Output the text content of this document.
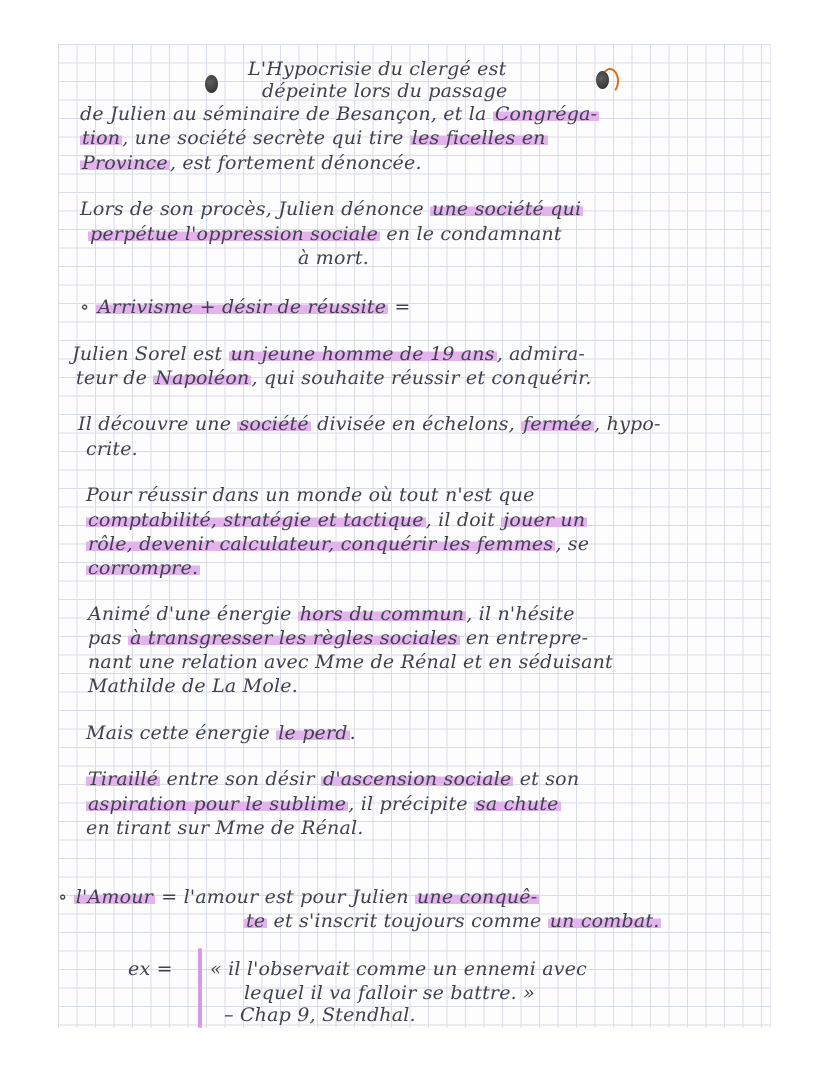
L'Hypocrisie du clergé est
dépeinte lors du passage
de Julien au séminaire de Besançon, et la Congréga-
tion , une société secrète qui tire les ficelles en
Province , est fortement dénoncée.
Lors de son procès, Julien dénonce une société qui
perpétue l'oppression sociale en le condamnant
à mort.
∘ Arrivisme + désir de réussite =
Julien Sorel est un jeune homme de 19 ans , admira-
teur de Napoléon , qui souhaite réussir et conquérir.
Il découvre une société divisée en échelons, fermée , hypo-
crite.
Pour réussir dans un monde où tout n'est que
comptabilité, stratégie et tactique , il doit jouer un
rôle, devenir calculateur, conquérir les femmes , se
corrompre.
Animé d'une énergie hors du commun , il n'hésite
pas à transgresser les règles sociales en entrepre-
nant une relation avec Mme de Rénal et en séduisant
Mathilde de La Mole.
Mais cette énergie le perd .
Tiraillé entre son désir d'ascension sociale et son
aspiration pour le sublime , il précipite sa chute
en tirant sur Mme de Rénal.
∘ l'Amour = l'amour est pour Julien une conquê-
te et s'inscrit toujours comme un combat.
ex = « il l'observait comme un ennemi avec
lequel il va falloir se battre. »
– Chap 9, Stendhal.
